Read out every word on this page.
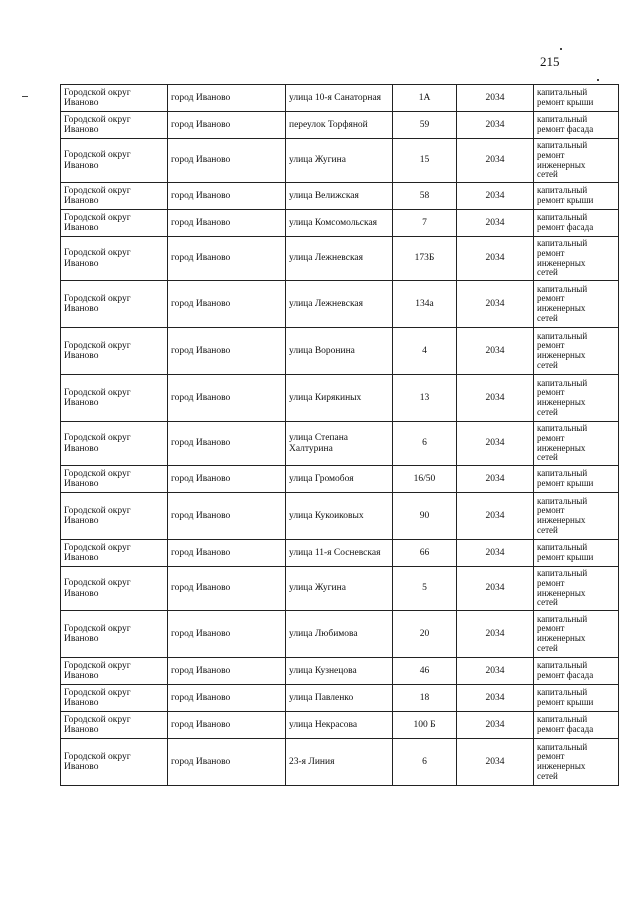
215
Городской округ
Иваново	город Иваново	улица 10-я Санаторная	1А	2034	капитальный
ремонт крыши

Городской округ
Иваново	город Иваново	переулок Торфяной	59	2034	капитальный
ремонт фасада

Городской округ
Иваново	город Иваново	улица Жугина	15	2034	капитальный
ремонт
инженерных
сетей

Городской округ
Иваново	город Иваново	улица Велижская	58	2034	капитальный
ремонт крыши

Городской округ
Иваново	город Иваново	улица Комсомольская	7	2034	капитальный
ремонт фасада

Городской округ
Иваново	город Иваново	улица Лежневская	173Б	2034	капитальный
ремонт
инженерных
сетей

Городской округ
Иваново	город Иваново	улица Лежневская	134а	2034	капитальный
ремонт
инженерных
сетей

Городской округ
Иваново	город Иваново	улица Воронина	4	2034	капитальный
ремонт
инженерных
сетей

Городской округ
Иваново	город Иваново	улица Кирякиных	13	2034	капитальный
ремонт
инженерных
сетей

Городской округ
Иваново	город Иваново	улица Степана Халтурина	6	2034	капитальный
ремонт
инженерных
сетей

Городской округ
Иваново	город Иваново	улица Громобоя	16/50	2034	капитальный
ремонт крыши

Городской округ
Иваново	город Иваново	улица Кукоиковых	90	2034	капитальный
ремонт
инженерных
сетей

Городской округ
Иваново	город Иваново	улица 11-я Сосневская	66	2034	капитальный
ремонт крыши

Городской округ
Иваново	город Иваново	улица Жугина	5	2034	капитальный
ремонт
инженерных
сетей

Городской округ
Иваново	город Иваново	улица Любимова	20	2034	капитальный
ремонт
инженерных
сетей

Городской округ
Иваново	город Иваново	улица Кузнецова	46	2034	капитальный
ремонт фасада

Городской округ
Иваново	город Иваново	улица Павленко	18	2034	капитальный
ремонт крыши

Городской округ
Иваново	город Иваново	улица Некрасова	100 Б	2034	капитальный
ремонт фасада

Городской округ
Иваново	город Иваново	23-я Линия	6	2034	капитальный
ремонт
инженерных
сетей
